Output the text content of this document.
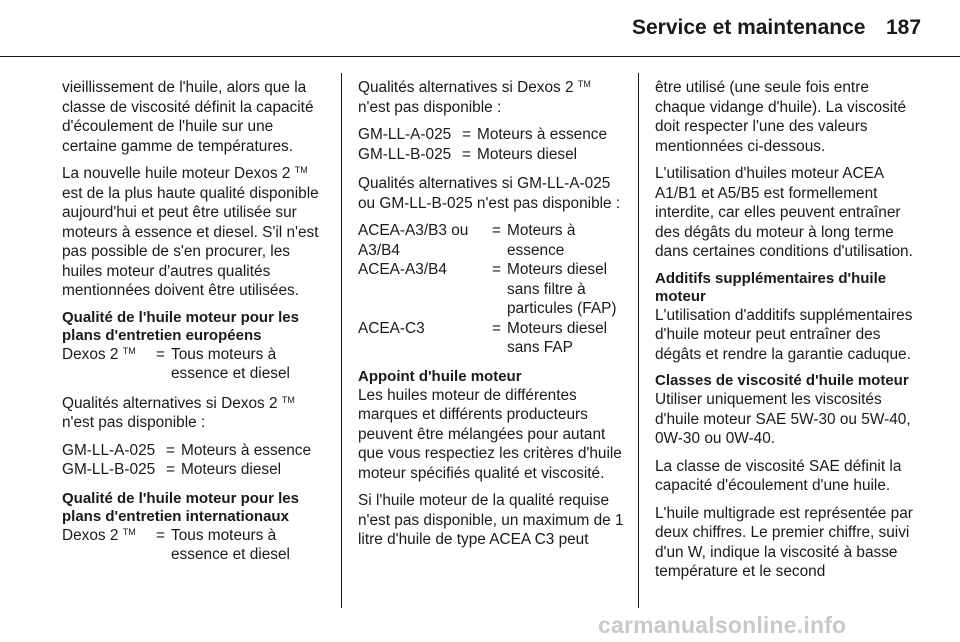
Service et maintenance 187

vieillissement de l'huile, alors que la classe de viscosité définit la capacité d'écoulement de l'huile sur une certaine gamme de températures.

La nouvelle huile moteur Dexos 2 ™ est de la plus haute qualité disponible aujourd'hui et peut être utilisée sur moteurs à essence et diesel. S'il n'est pas possible de s'en procurer, les huiles moteur d'autres qualités mentionnées doivent être utilisées.

Qualité de l'huile moteur pour les plans d'entretien européens

Dexos 2 ™	=	Tous moteurs à essence et diesel

Qualités alternatives si Dexos 2 ™ n'est pas disponible :

GM-LL-A-025	=	Moteurs à essence
GM-LL-B-025	=	Moteurs diesel

Qualité de l'huile moteur pour les plans d'entretien internationaux

Dexos 2 ™	=	Tous moteurs à essence et diesel

Qualités alternatives si Dexos 2 ™ n'est pas disponible :

GM-LL-A-025	=	Moteurs à essence
GM-LL-B-025	=	Moteurs diesel

Qualités alternatives si GM-LL-A-025 ou GM-LL-B-025 n'est pas disponible :

ACEA-A3/B3 ou A3/B4	=	Moteurs à essence
ACEA-A3/B4	=	Moteurs diesel sans filtre à particules (FAP)
ACEA-C3	=	Moteurs diesel sans FAP

Appoint d'huile moteur

Les huiles moteur de différentes marques et différents producteurs peuvent être mélangées pour autant que vous respectiez les critères d'huile moteur spécifiés qualité et viscosité.

Si l'huile moteur de la qualité requise n'est pas disponible, un maximum de 1 litre d'huile de type ACEA C3 peut

être utilisé (une seule fois entre chaque vidange d'huile). La viscosité doit respecter l'une des valeurs mentionnées ci-dessous.

L'utilisation d'huiles moteur ACEA A1/B1 et A5/B5 est formellement interdite, car elles peuvent entraîner des dégâts du moteur à long terme dans certaines conditions d'utilisation.

Additifs supplémentaires d'huile moteur

L'utilisation d'additifs supplémentaires d'huile moteur peut entraîner des dégâts et rendre la garantie caduque.

Classes de viscosité d'huile moteur

Utiliser uniquement les viscosités d'huile moteur SAE 5W-30 ou 5W-40, 0W-30 ou 0W-40.

La classe de viscosité SAE définit la capacité d'écoulement d'une huile.

L'huile multigrade est représentée par deux chiffres. Le premier chiffre, suivi d'un W, indique la viscosité à basse température et le second

carmanualsonline.info
